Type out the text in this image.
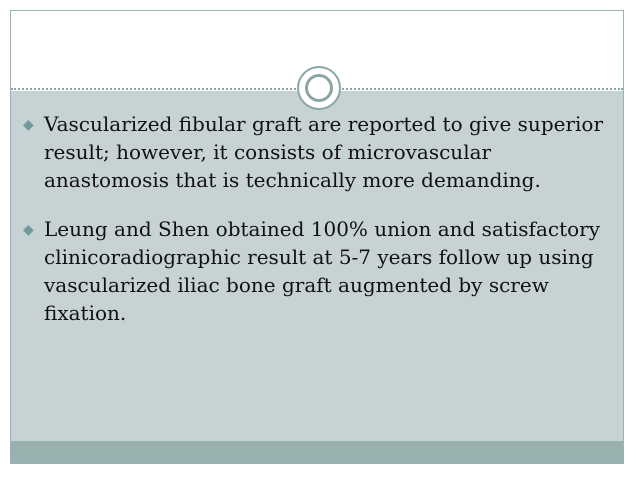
◆ Vascularized fibular graft are reported to give superior result; however, it consists of microvascular anastomosis that is technically more demanding.
◆ Leung and Shen obtained 100% union and satisfactory clinicoradiographic result at 5-7 years follow up using vascularized iliac bone graft augmented by screw fixation.
